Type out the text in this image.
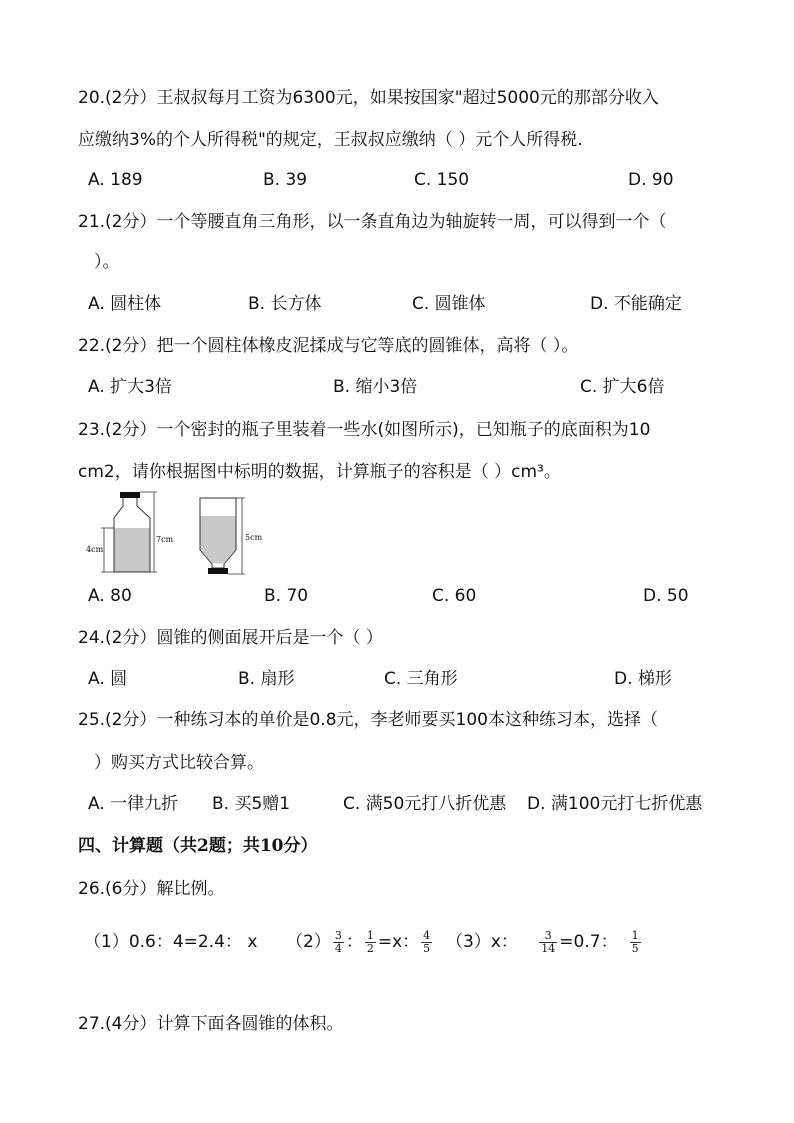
20.(2分）王叔叔每月工资为6300元，如果按国家"超过5000元的那部分收入
应缴纳3%的个人所得税"的规定，王叔叔应缴纳（ ）元个人所得税.
A. 189	B. 39	C. 150	D. 90
21.(2分）一个等腰直角三角形，以一条直角边为轴旋转一周，可以得到一个（
）。
A. 圆柱体	B. 长方体	C. 圆锥体	D. 不能确定
22.(2分）把一个圆柱体橡皮泥揉成与它等底的圆锥体，高将（ ）。
A. 扩大3倍	B. 缩小3倍	C. 扩大6倍
23.(2分）一个密封的瓶子里装着一些水(如图所示)，已知瓶子的底面积为10
cm2，请你根据图中标明的数据，计算瓶子的容积是（ ）cm³。
4cm
7cm	5cm
A. 80	B. 70	C. 60	D. 50
24.(2分）圆锥的侧面展开后是一个（ ）
A. 圆	B. 扇形	C. 三角形	D. 梯形
25.(2分）一种练习本的单价是0.8元，李老师要买100本这种练习本，选择（
）购买方式比较合算。
A. 一律九折 B. 买5赠1	C. 满50元打八折优惠 D. 满100元打七折优惠
四、计算题（共2题；共10分）
26.(6分）解比例。
（1）0.6：4=2.4： x $(2) \frac{3}{4}$ ： $\frac{1}{2} =x$： $\frac{4}{5} (3)x$： $\frac{3}{14} =0.7$： $\frac{1}{5}$
27.(4分）计算下面各圆锥的体积。
